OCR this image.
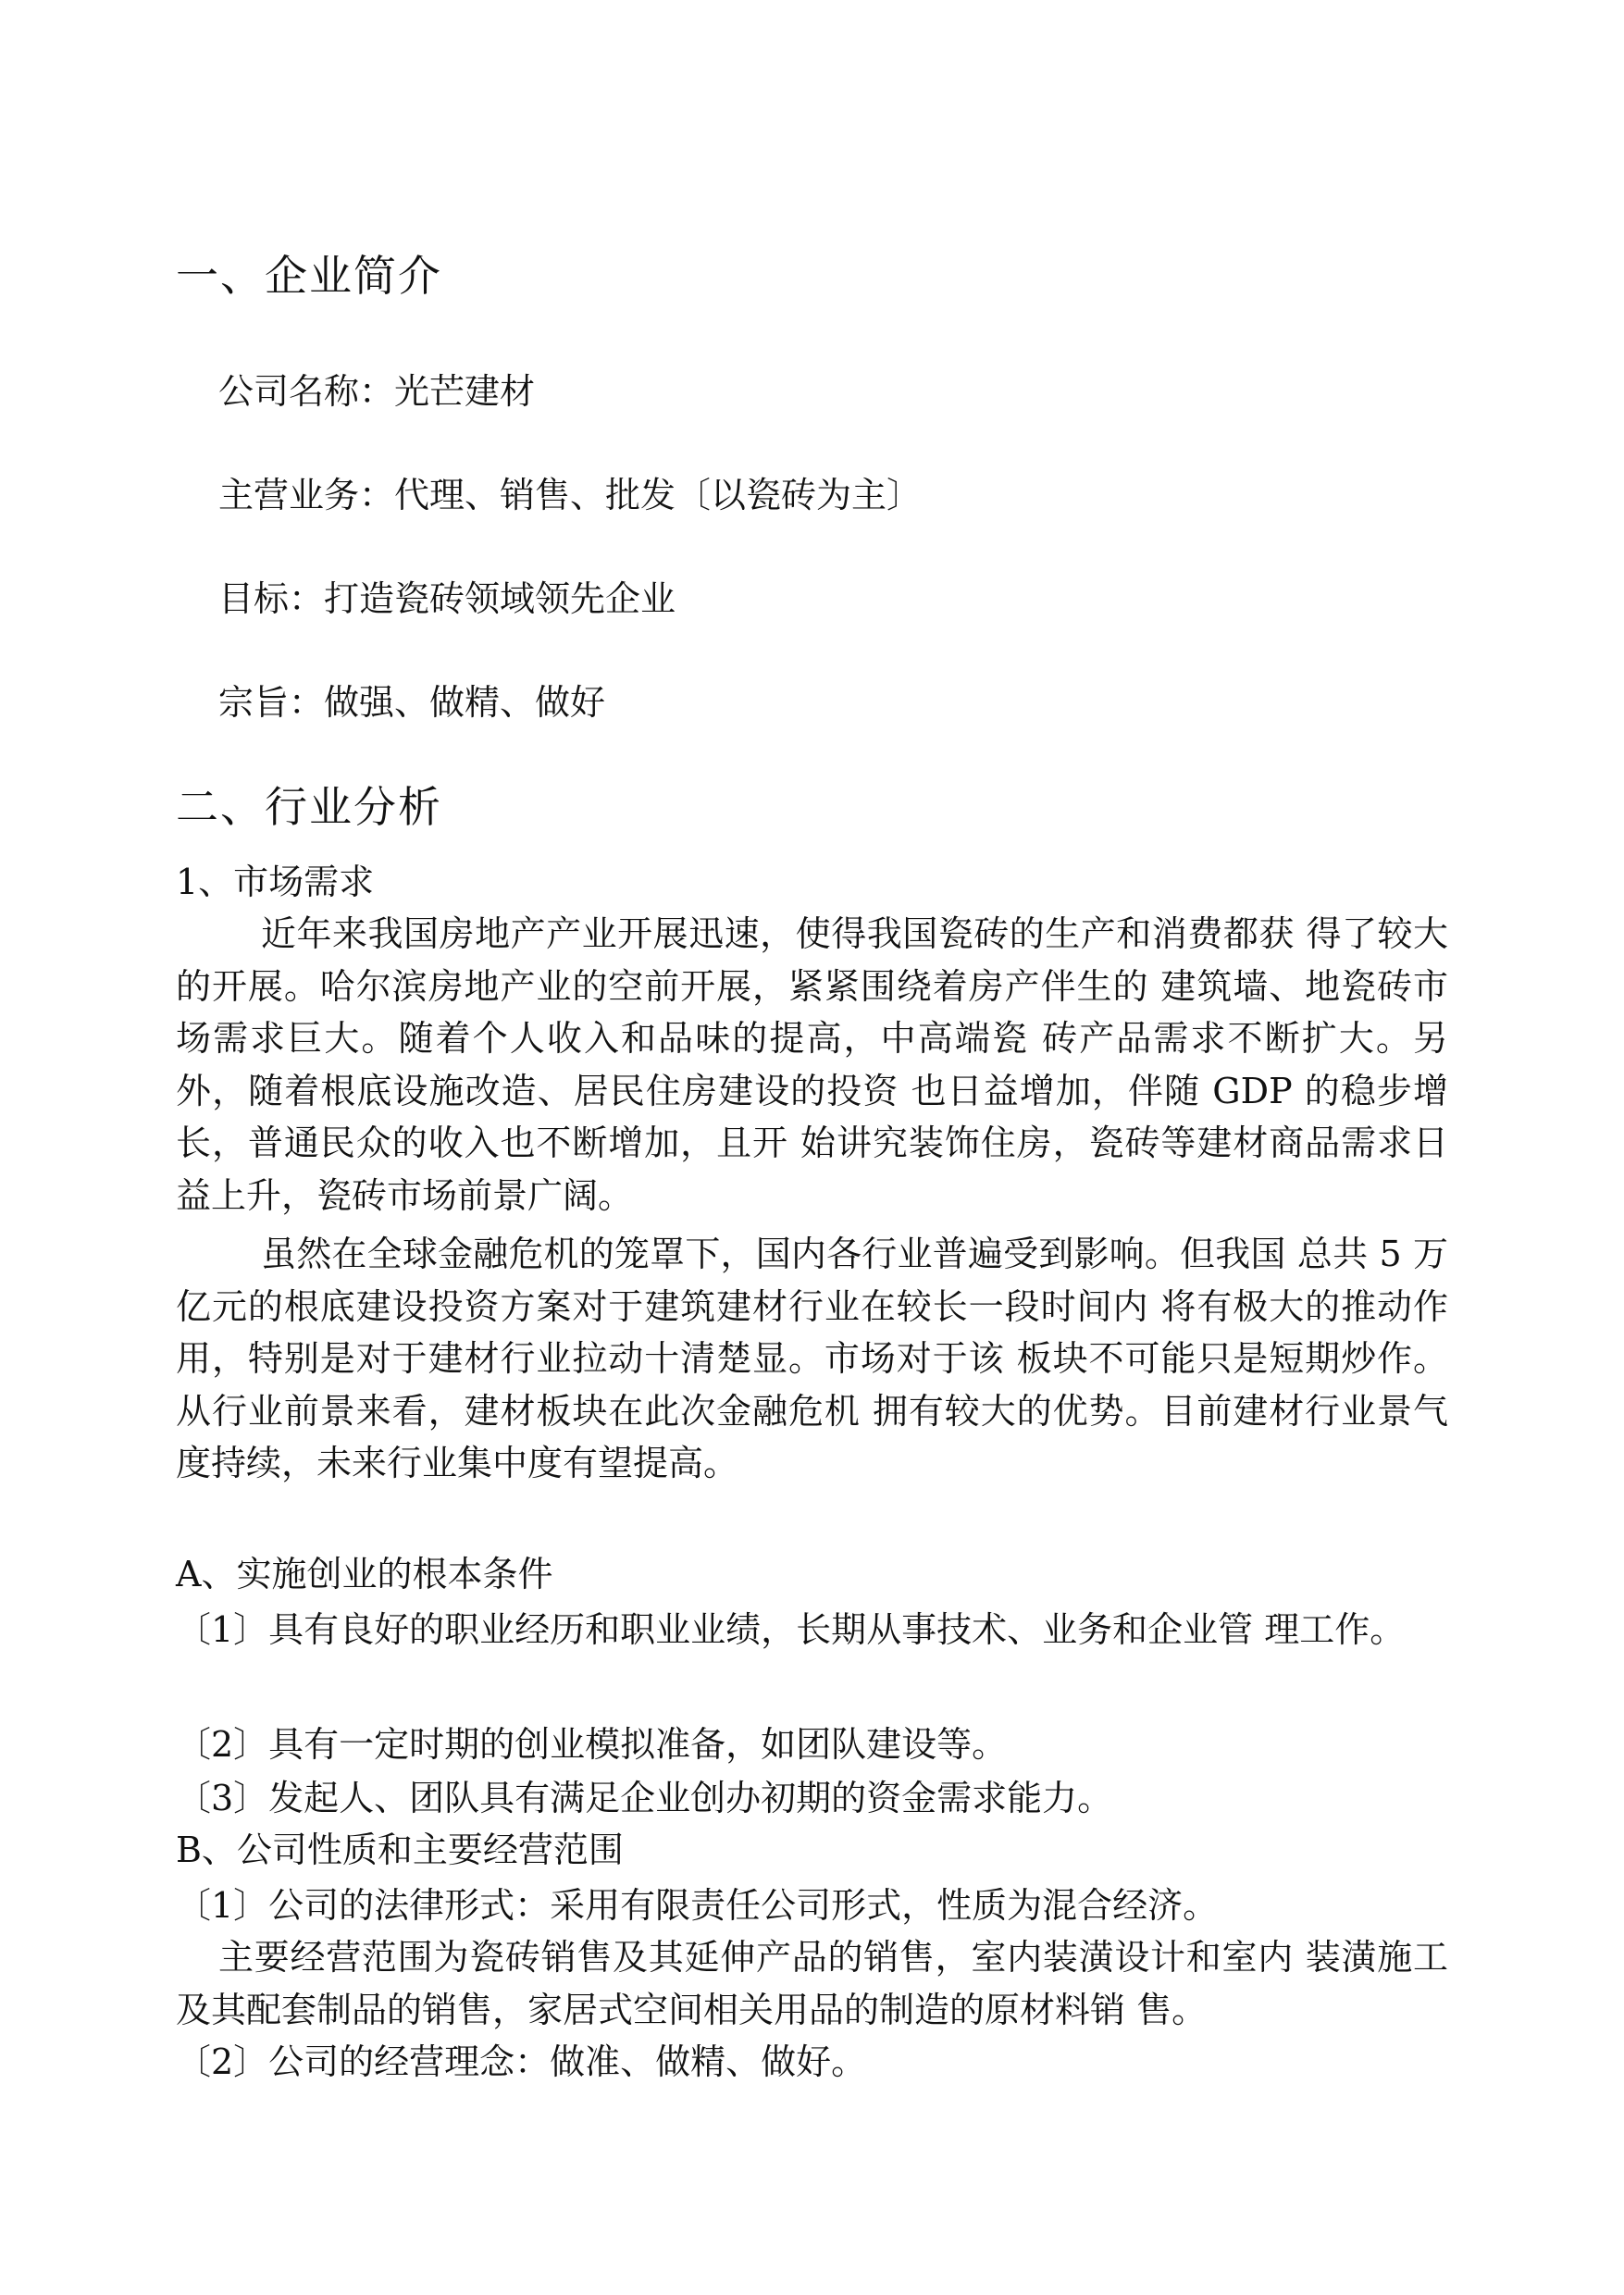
一、企业简介
公司名称：光芒建材
主营业务：代理、销售、批发〔以瓷砖为主〕
目标：打造瓷砖领域领先企业
宗旨：做强、做精、做好
二、行业分析
1、市场需求
近年来我国房地产产业开展迅速，使得我国瓷砖的生产和消费都获 得了较大的开展。哈尔滨房地产业的空前开展，紧紧围绕着房产伴生的 建筑墙、地瓷砖市场需求巨大。随着个人收入和品味的提高，中高端瓷 砖产品需求不断扩大。另外，随着根底设施改造、居民住房建设的投资 也日益增加，伴随 GDP 的稳步增长，普通民众的收入也不断增加，且开 始讲究装饰住房，瓷砖等建材商品需求日益上升，瓷砖市场前景广阔。
虽然在全球金融危机的笼罩下，国内各行业普遍受到影响。但我国 总共 5 万亿元的根底建设投资方案对于建筑建材行业在较长一段时间内 将有极大的推动作用，特别是对于建材行业拉动十清楚显。市场对于该 板块不可能只是短期炒作。从行业前景来看，建材板块在此次金融危机 拥有较大的优势。目前建材行业景气度持续，未来行业集中度有望提高。
A、实施创业的根本条件
〔1〕具有良好的职业经历和职业业绩，长期从事技术、业务和企业管 理工作。
〔2〕具有一定时期的创业模拟准备，如团队建设等。
〔3〕发起人、团队具有满足企业创办初期的资金需求能力。
B、公司性质和主要经营范围
〔1〕公司的法律形式：采用有限责任公司形式，性质为混合经济。
主要经营范围为瓷砖销售及其延伸产品的销售，室内装潢设计和室内 装潢施工及其配套制品的销售，家居式空间相关用品的制造的原材料销 售。
〔2〕公司的经营理念：做准、做精、做好。
